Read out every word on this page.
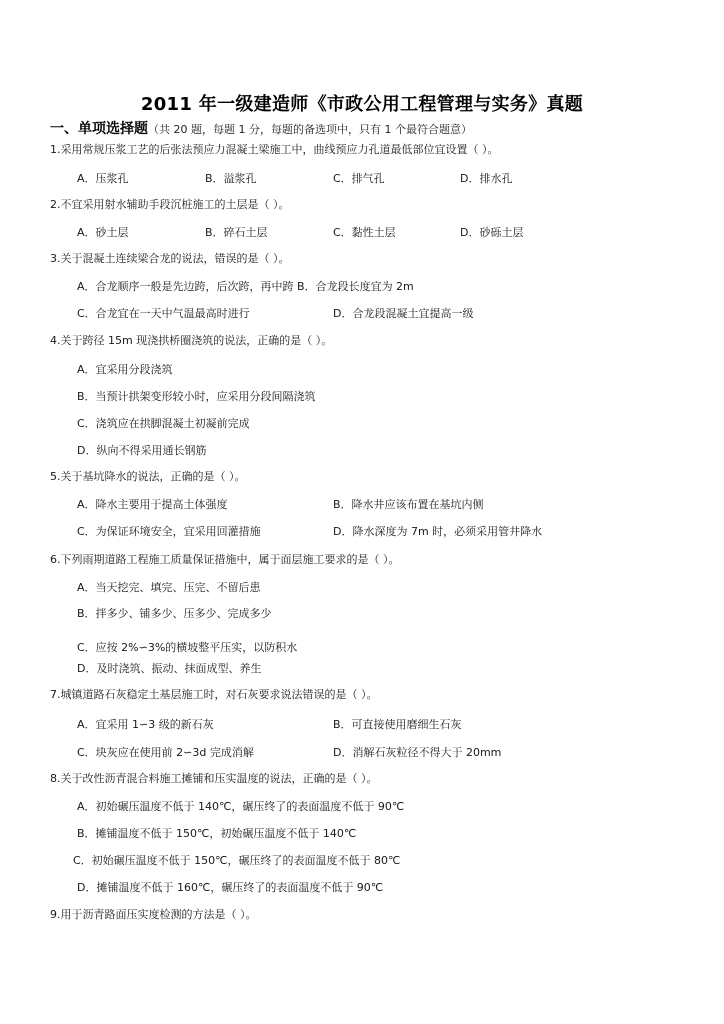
2011 年一级建造师《市政公用工程管理与实务》真题
一、单项选择题（共 20 题，每题 1 分，每题的备选项中，只有 1 个最符合题意）
1.采用常规压浆工艺的后张法预应力混凝土梁施工中，曲线预应力孔道最低部位宜设置（ ）。
A．压浆孔	B．溢浆孔	C．排气孔	D．排水孔
2.不宜采用射水辅助手段沉桩施工的土层是（ ）。
A．砂土层	B．碎石土层	C．黏性土层	D．砂砾土层
3.关于混凝土连续梁合龙的说法，错误的是（ ）。
A．合龙顺序一般是先边跨，后次跨，再中跨 B．合龙段长度宜为 2m
C．合龙宜在一天中气温最高时进行	D．合龙段混凝土宜提高一级
4.关于跨径 15m 现浇拱桥圈浇筑的说法，正确的是（ ）。
A．宜采用分段浇筑
B．当预计拱架变形较小时，应采用分段间隔浇筑
C．浇筑应在拱脚混凝土初凝前完成
D．纵向不得采用通长钢筋
5.关于基坑降水的说法，正确的是（ ）。
A．降水主要用于提高土体强度	B．降水井应该布置在基坑内侧
C．为保证环境安全，宜采用回灌措施	D．降水深度为 7m 时，必须采用管井降水
6.下列雨期道路工程施工质量保证措施中，属于面层施工要求的是（ ）。
A．当天挖完、填完、压完、不留后患
B．拌多少、铺多少、压多少、完成多少
C．应按 2%∽3%的横坡整平压实，以防积水
D．及时浇筑、振动、抹面成型、养生
7.城镇道路石灰稳定土基层施工时，对石灰要求说法错误的是（ ）。
A．宜采用 1∽3 级的新石灰	B．可直接使用磨细生石灰
C．块灰应在使用前 2∽3d 完成消解	D．消解石灰粒径不得大于 20mm
8.关于改性沥青混合料施工摊铺和压实温度的说法，正确的是（ ）。
A．初始碾压温度不低于 140℃，碾压终了的表面温度不低于 90℃
B．摊铺温度不低于 150℃，初始碾压温度不低于 140℃
C．初始碾压温度不低于 150℃，碾压终了的表面温度不低于 80℃
D．摊铺温度不低于 160℃，碾压终了的表面温度不低于 90℃
9.用于沥青路面压实度检测的方法是（ ）。
